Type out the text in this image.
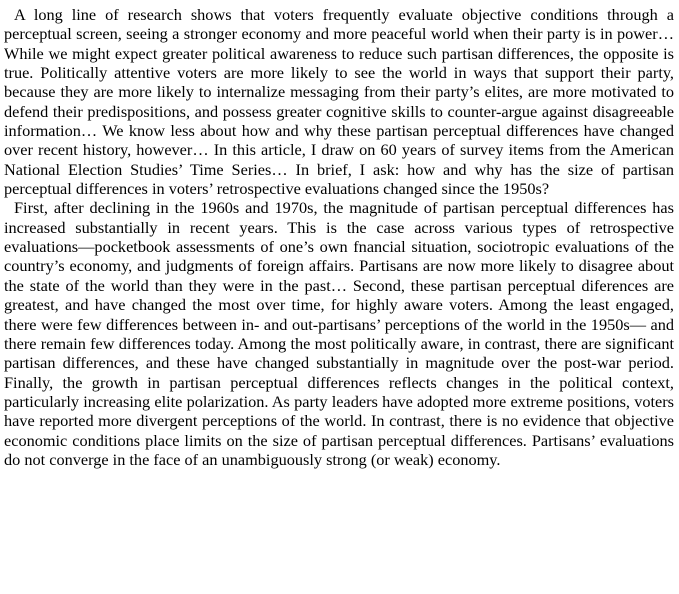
A long line of research shows that voters frequently evaluate objective conditions through a perceptual screen, seeing a stronger economy and more peaceful world when their party is in power…While we might expect greater political awareness to reduce such partisan differences, the opposite is true. Politically attentive voters are more likely to see the world in ways that support their party, because they are more likely to internalize messaging from their party’s elites, are more motivated to defend their predispositions, and possess greater cognitive skills to counter-argue against disagreeable information… We know less about how and why these partisan perceptual differences have changed over recent history, however… In this article, I draw on 60 years of survey items from the American National Election Studies’ Time Series… In brief, I ask: how and why has the size of partisan perceptual differences in voters’ retrospective evaluations changed since the 1950s?

First, after declining in the 1960s and 1970s, the magnitude of partisan perceptual differences has increased substantially in recent years. This is the case across various types of retrospective evaluations—pocketbook assessments of one’s own fnancial situation, sociotropic evaluations of the country’s economy, and judgments of foreign affairs. Partisans are now more likely to disagree about the state of the world than they were in the past… Second, these partisan perceptual diferences are greatest, and have changed the most over time, for highly aware voters. Among the least engaged, there were few differences between in- and out-partisans’ perceptions of the world in the 1950s— and there remain few differences today. Among the most politically aware, in contrast, there are significant partisan differences, and these have changed substantially in magnitude over the post-war period. Finally, the growth in partisan perceptual differences reflects changes in the political context, particularly increasing elite polarization. As party leaders have adopted more extreme positions, voters have reported more divergent perceptions of the world. In contrast, there is no evidence that objective economic conditions place limits on the size of partisan perceptual differences. Partisans’ evaluations do not converge in the face of an unambiguously strong (or weak) economy.
